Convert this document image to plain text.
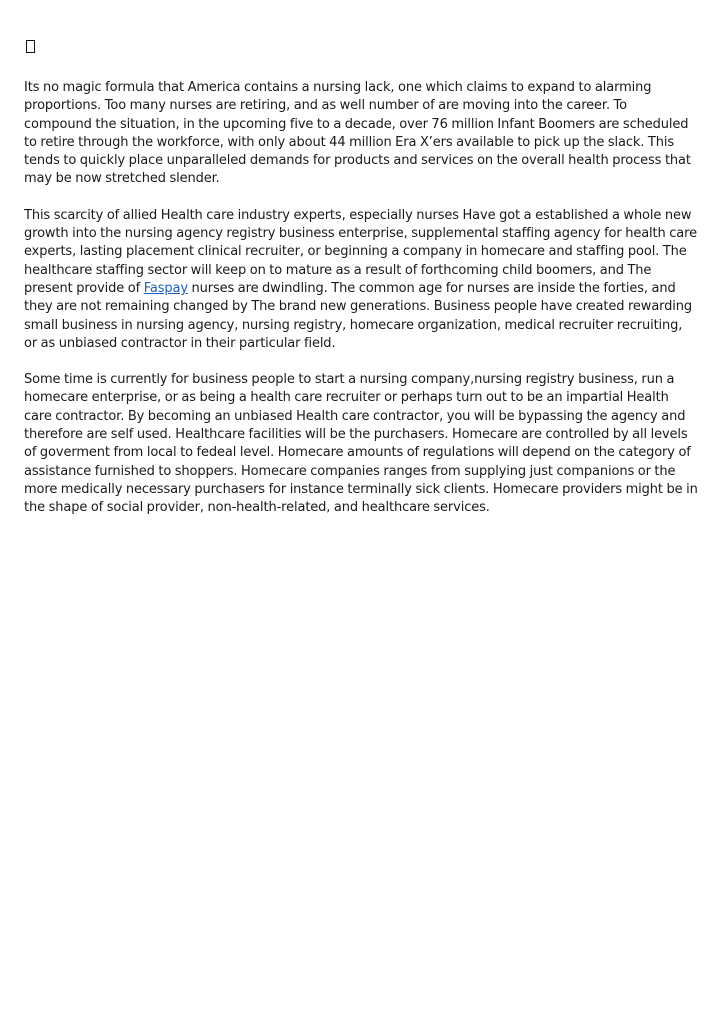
Its no magic formula that America contains a nursing lack, one which claims to expand to alarming proportions. Too many nurses are retiring, and as well number of are moving into the career. To compound the situation, in the upcoming five to a decade, over 76 million Infant Boomers are scheduled to retire through the workforce, with only about 44 million Era X’ers available to pick up the slack. This tends to quickly place unparalleled demands for products and services on the overall health process that may be now stretched slender.

This scarcity of allied Health care industry experts, especially nurses Have got a established a whole new growth into the nursing agency registry business enterprise, supplemental staffing agency for health care experts, lasting placement clinical recruiter, or beginning a company in homecare and staffing pool. The healthcare staffing sector will keep on to mature as a result of forthcoming child boomers, and The present provide of Faspay nurses are dwindling. The common age for nurses are inside the forties, and they are not remaining changed by The brand new generations. Business people have created rewarding small business in nursing agency, nursing registry, homecare organization, medical recruiter recruiting, or as unbiased contractor in their particular field.

Some time is currently for business people to start a nursing company,nursing registry business, run a homecare enterprise, or as being a health care recruiter or perhaps turn out to be an impartial Health care contractor. By becoming an unbiased Health care contractor, you will be bypassing the agency and therefore are self used. Healthcare facilities will be the purchasers. Homecare are controlled by all levels of goverment from local to fedeal level. Homecare amounts of regulations will depend on the category of assistance furnished to shoppers. Homecare companies ranges from supplying just companions or the more medically necessary purchasers for instance terminally sick clients. Homecare providers might be in the shape of social provider, non-health-related, and healthcare services.
